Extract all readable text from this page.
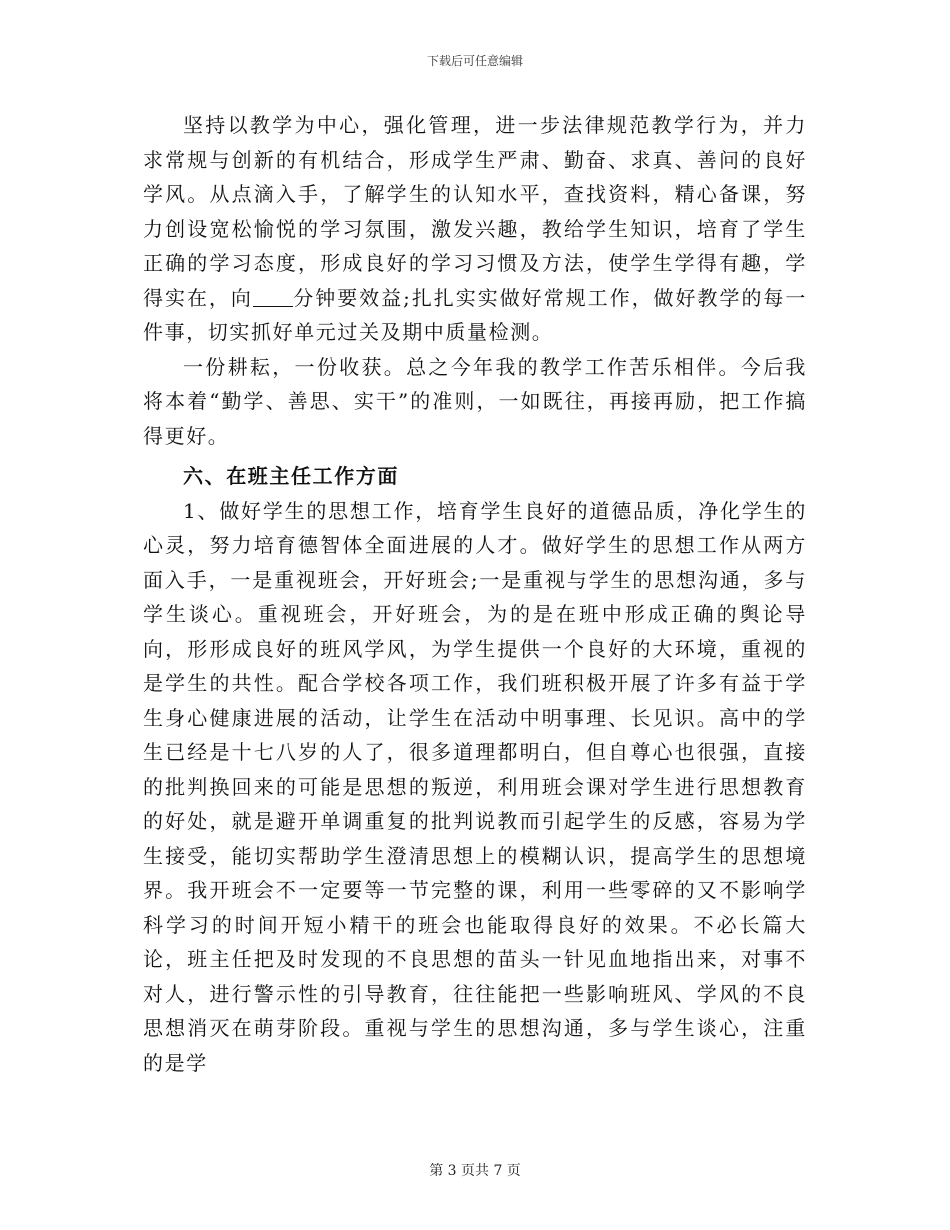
下载后可任意编辑

坚持以教学为中心，强化管理，进一步法律规范教学行为，并力求常规与创新的有机结合，形成学生严肃、勤奋、求真、善问的良好学风。从点滴入手，了解学生的认知水平，查找资料，精心备课，努力创设宽松愉悦的学习氛围，激发兴趣，教给学生知识，培育了学生正确的学习态度，形成良好的学习习惯及方法，使学生学得有趣，学得实在，向 分钟要效益;扎扎实实做好常规工作，做好教学的每一件事，切实抓好单元过关及期中质量检测。

一份耕耘，一份收获。总之今年我的教学工作苦乐相伴。今后我将本着“勤学、善思、实干”的准则，一如既往，再接再励，把工作搞得更好。

六、在班主任工作方面

1、做好学生的思想工作，培育学生良好的道德品质，净化学生的心灵，努力培育德智体全面进展的人才。做好学生的思想工作从两方面入手，一是重视班会，开好班会;一是重视与学生的思想沟通，多与学生谈心。重视班会，开好班会，为的是在班中形成正确的舆论导向，形形成良好的班风学风，为学生提供一个良好的大环境，重视的是学生的共性。配合学校各项工作，我们班积极开展了许多有益于学生身心健康进展的活动，让学生在活动中明事理、长见识。高中的学生已经是十七八岁的人了，很多道理都明白，但自尊心也很强，直接的批判换回来的可能是思想的叛逆，利用班会课对学生进行思想教育的好处，就是避开单调重复的批判说教而引起学生的反感，容易为学生接受，能切实帮助学生澄清思想上的模糊认识，提高学生的思想境界。我开班会不一定要等一节完整的课，利用一些零碎的又不影响学科学习的时间开短小精干的班会也能取得良好的效果。不必长篇大论，班主任把及时发现的不良思想的苗头一针见血地指出来，对事不对人，进行警示性的引导教育，往往能把一些影响班风、学风的不良思想消灭在萌芽阶段。重视与学生的思想沟通，多与学生谈心，注重的是学

第 3 页共 7 页
